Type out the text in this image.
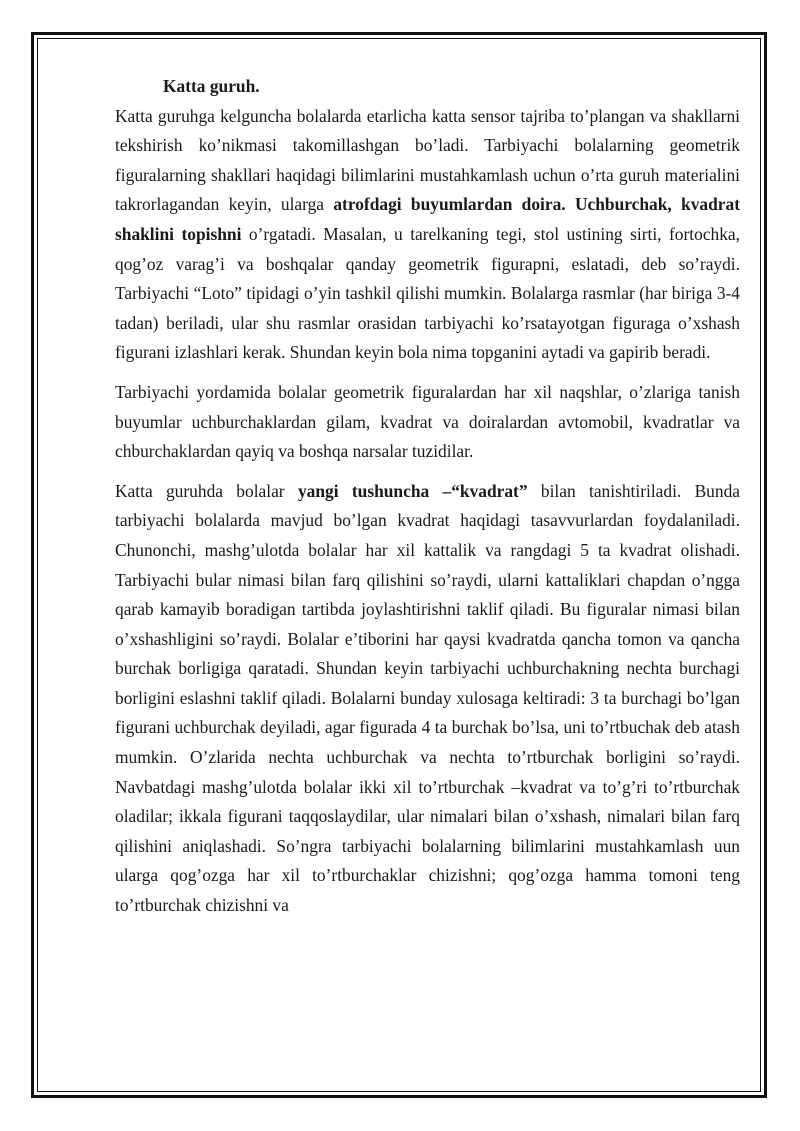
Katta guruh.

Katta guruhga kelguncha bolalarda etarlicha katta sensor tajriba to’plangan va shakllarni tekshirish ko’nikmasi takomillashgan bo’ladi. Tarbiyachi bolalarning geometrik figuralarning shakllari haqidagi bilimlarini mustahkamlash uchun o’rta guruh materialini takrorlagandan keyin, ularga atrofdagi buyumlardan doira. Uchburchak, kvadrat shaklini topishni o’rgatadi. Masalan, u tarelkaning tegi, stol ustining sirti, fortochka, qog’oz varag’i va boshqalar qanday geometrik figurapni, eslatadi, deb so’raydi. Tarbiyachi “Loto” tipidagi o’yin tashkil qilishi mumkin. Bolalarga rasmlar (har biriga 3-4 tadan) beriladi, ular shu rasmlar orasidan tarbiyachi ko’rsatayotgan figuraga o’xshash figurani izlashlari kerak. Shundan keyin bola nima topganini aytadi va gapirib beradi.

Tarbiyachi yordamida bolalar geometrik figuralardan har xil naqshlar, o’zlariga tanish buyumlar uchburchaklardan gilam, kvadrat va doiralardan avtomobil, kvadratlar va chburchaklardan qayiq va boshqa narsalar tuzidilar.

Katta guruhda bolalar yangi tushuncha –“kvadrat” bilan tanishtiriladi. Bunda tarbiyachi bolalarda mavjud bo’lgan kvadrat haqidagi tasavvurlardan foydalaniladi. Chunonchi, mashg’ulotda bolalar har xil kattalik va rangdagi 5 ta kvadrat olishadi. Tarbiyachi bular nimasi bilan farq qilishini so’raydi, ularni kattaliklari chapdan o’ngga qarab kamayib boradigan tartibda joylashtirishni taklif qiladi. Bu figuralar nimasi bilan o’xshashligini so’raydi. Bolalar e’tiborini har qaysi kvadratda qancha tomon va qancha burchak borligiga qaratadi. Shundan keyin tarbiyachi uchburchakning nechta burchagi borligini eslashni taklif qiladi. Bolalarni bunday xulosaga keltiradi: 3 ta burchagi bo’lgan figurani uchburchak deyiladi, agar figurada 4 ta burchak bo’lsa, uni to’rtbuchak deb atash mumkin. O’zlarida nechta uchburchak va nechta to’rtburchak borligini so’raydi. Navbatdagi mashg’ulotda bolalar ikki xil to’rtburchak –kvadrat va to’g’ri to’rtburchak oladilar; ikkala figurani taqqoslaydilar, ular nimalari bilan o’xshash, nimalari bilan farq qilishini aniqlashadi. So’ngra tarbiyachi bolalarning bilimlarini mustahkamlash uun ularga qog’ozga har xil to’rtburchaklar chizishni; qog’ozga hamma tomoni teng to’rtburchak chizishni va
